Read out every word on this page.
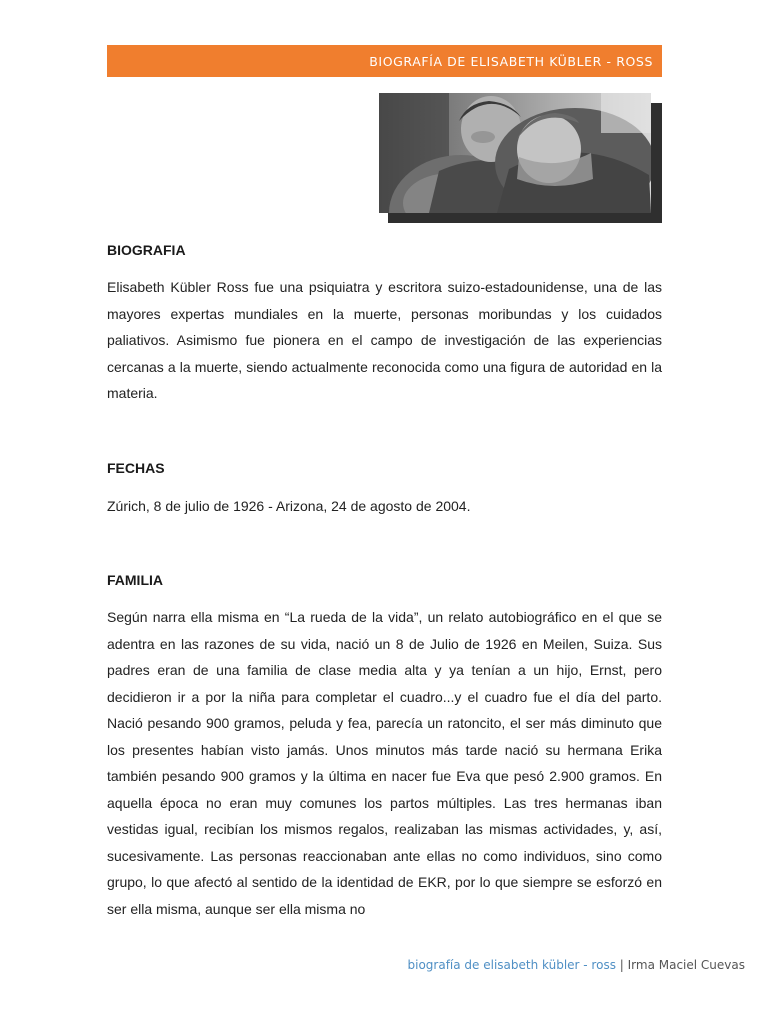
BIOGRAFÍA DE ELISABETH KÜBLER - ROSS
BIOGRAFIA

Elisabeth Kübler Ross fue una psiquiatra y escritora suizo-estadounidense, una de las mayores expertas mundiales en la muerte, personas moribundas y los cuidados paliativos. Asimismo fue pionera en el campo de investigación de las experiencias cercanas a la muerte, siendo actualmente reconocida como una figura de autoridad en la materia.

FECHAS

Zúrich, 8 de julio de 1926 - Arizona, 24 de agosto de 2004.

FAMILIA

Según narra ella misma en “La rueda de la vida”, un relato autobiográfico en el que se adentra en las razones de su vida, nació un 8 de Julio de 1926 en Meilen, Suiza. Sus padres eran de una familia de clase media alta y ya tenían a un hijo, Ernst, pero decidieron ir a por la niña para completar el cuadro...y el cuadro fue el día del parto. Nació pesando 900 gramos, peluda y fea, parecía un ratoncito, el ser más diminuto que los presentes habían visto jamás. Unos minutos más tarde nació su hermana Erika también pesando 900 gramos y la última en nacer fue Eva que pesó 2.900 gramos. En aquella época no eran muy comunes los partos múltiples. Las tres hermanas iban vestidas igual, recibían los mismos regalos, realizaban las mismas actividades, y, así, sucesivamente. Las personas reaccionaban ante ellas no como individuos, sino como grupo, lo que afectó al sentido de la identidad de EKR, por lo que siempre se esforzó en ser ella misma, aunque ser ella misma no

biografía de elisabeth kübler - ross | Irma Maciel Cuevas
